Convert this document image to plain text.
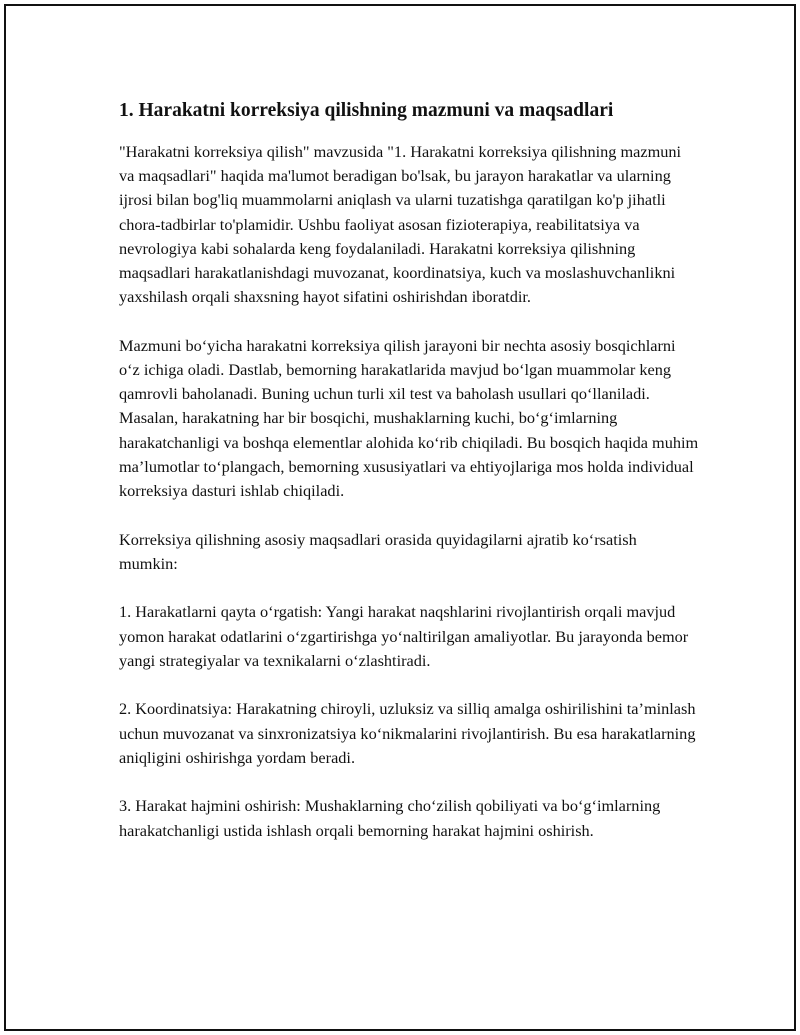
1. Harakatni korreksiya qilishning mazmuni va maqsadlari

"Harakatni korreksiya qilish" mavzusida "1. Harakatni korreksiya qilishning mazmuni va maqsadlari" haqida ma'lumot beradigan bo'lsak, bu jarayon harakatlar va ularning ijrosi bilan bog'liq muammolarni aniqlash va ularni tuzatishga qaratilgan ko'p jihatli chora-tadbirlar to'plamidir. Ushbu faoliyat asosan fizioterapiya, reabilitatsiya va nevrologiya kabi sohalarda keng foydalaniladi. Harakatni korreksiya qilishning maqsadlari harakatlanishdagi muvozanat, koordinatsiya, kuch va moslashuvchanlikni yaxshilash orqali shaxsning hayot sifatini oshirishdan iboratdir.

Mazmuni bo‘yicha harakatni korreksiya qilish jarayoni bir nechta asosiy bosqichlarni o‘z ichiga oladi. Dastlab, bemorning harakatlarida mavjud bo‘lgan muammolar keng qamrovli baholanadi. Buning uchun turli xil test va baholash usullari qo‘llaniladi. Masalan, harakatning har bir bosqichi, mushaklarning kuchi, bo‘g‘imlarning harakatchanligi va boshqa elementlar alohida ko‘rib chiqiladi. Bu bosqich haqida muhim ma’lumotlar to‘plangach, bemorning xususiyatlari va ehtiyojlariga mos holda individual korreksiya dasturi ishlab chiqiladi.

Korreksiya qilishning asosiy maqsadlari orasida quyidagilarni ajratib ko‘rsatish mumkin:

1. Harakatlarni qayta o‘rgatish: Yangi harakat naqshlarini rivojlantirish orqali mavjud yomon harakat odatlarini o‘zgartirishga yo‘naltirilgan amaliyotlar. Bu jarayonda bemor yangi strategiyalar va texnikalarni o‘zlashtiradi.

2. Koordinatsiya: Harakatning chiroyli, uzluksiz va silliq amalga oshirilishini ta’minlash uchun muvozanat va sinxronizatsiya ko‘nikmalarini rivojlantirish. Bu esa harakatlarning aniqligini oshirishga yordam beradi.

3. Harakat hajmini oshirish: Mushaklarning cho‘zilish qobiliyati va bo‘g‘imlarning harakatchanligi ustida ishlash orqali bemorning harakat hajmini oshirish.
